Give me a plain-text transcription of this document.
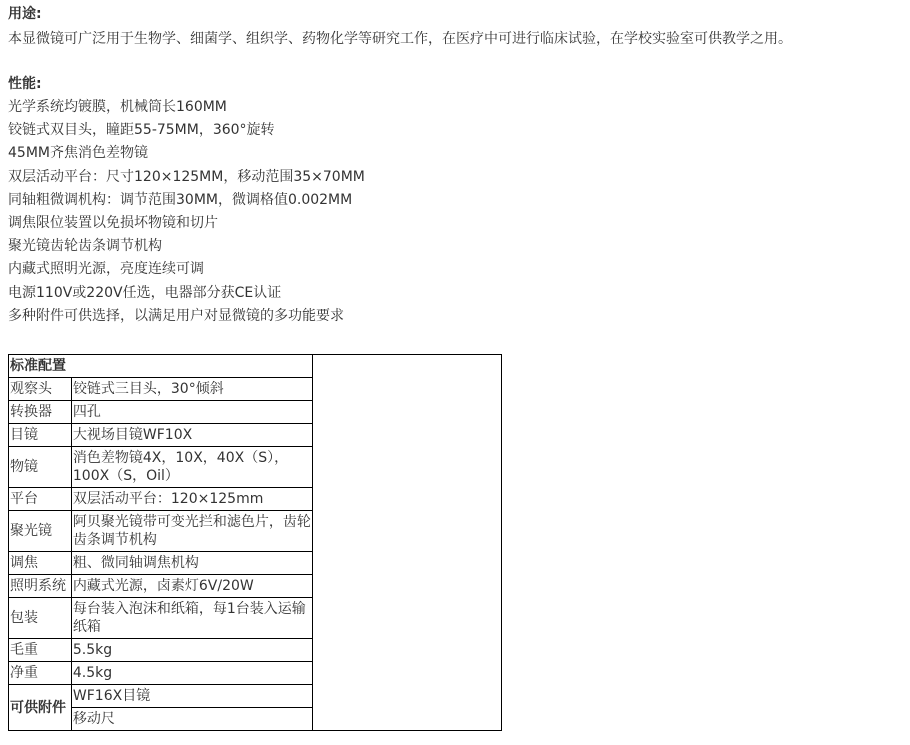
用途:
本显微镜可广泛用于生物学、细菌学、组织学、药物化学等研究工作，在医疗中可进行临床试验，在学校实验室可供教学之用。
性能:
光学系统均镀膜，机械筒长160MM
铰链式双目头，瞳距55-75MM，360°旋转
45MM齐焦消色差物镜
双层活动平台：尺寸120×125MM，移动范围35×70MM
同轴粗微调机构：调节范围30MM，微调格值0.002MM
调焦限位装置以免损坏物镜和切片
聚光镜齿轮齿条调节机构
内藏式照明光源，亮度连续可调
电源110V或220V任选，电器部分获CE认证
多种附件可供选择，以满足用户对显微镜的多功能要求
标准配置		
观察头	铰链式三目头，30°倾斜	
转换器	四孔	
目镜	大视场目镜WF10X	
物镜	消色差物镜4X，10X，40X（S），100X（S，Oil）	
平台	双层活动平台：120×125mm	
聚光镜	阿贝聚光镜带可变光拦和滤色片，齿轮齿条调节机构	
调焦	粗、微同轴调焦机构	
照明系统	内藏式光源，卤素灯6V/20W	
包装	每台装入泡沫和纸箱，每1台装入运输纸箱	
毛重	5.5kg	
净重	4.5kg	
可供附件	WF16X目镜	
	移动尺	
